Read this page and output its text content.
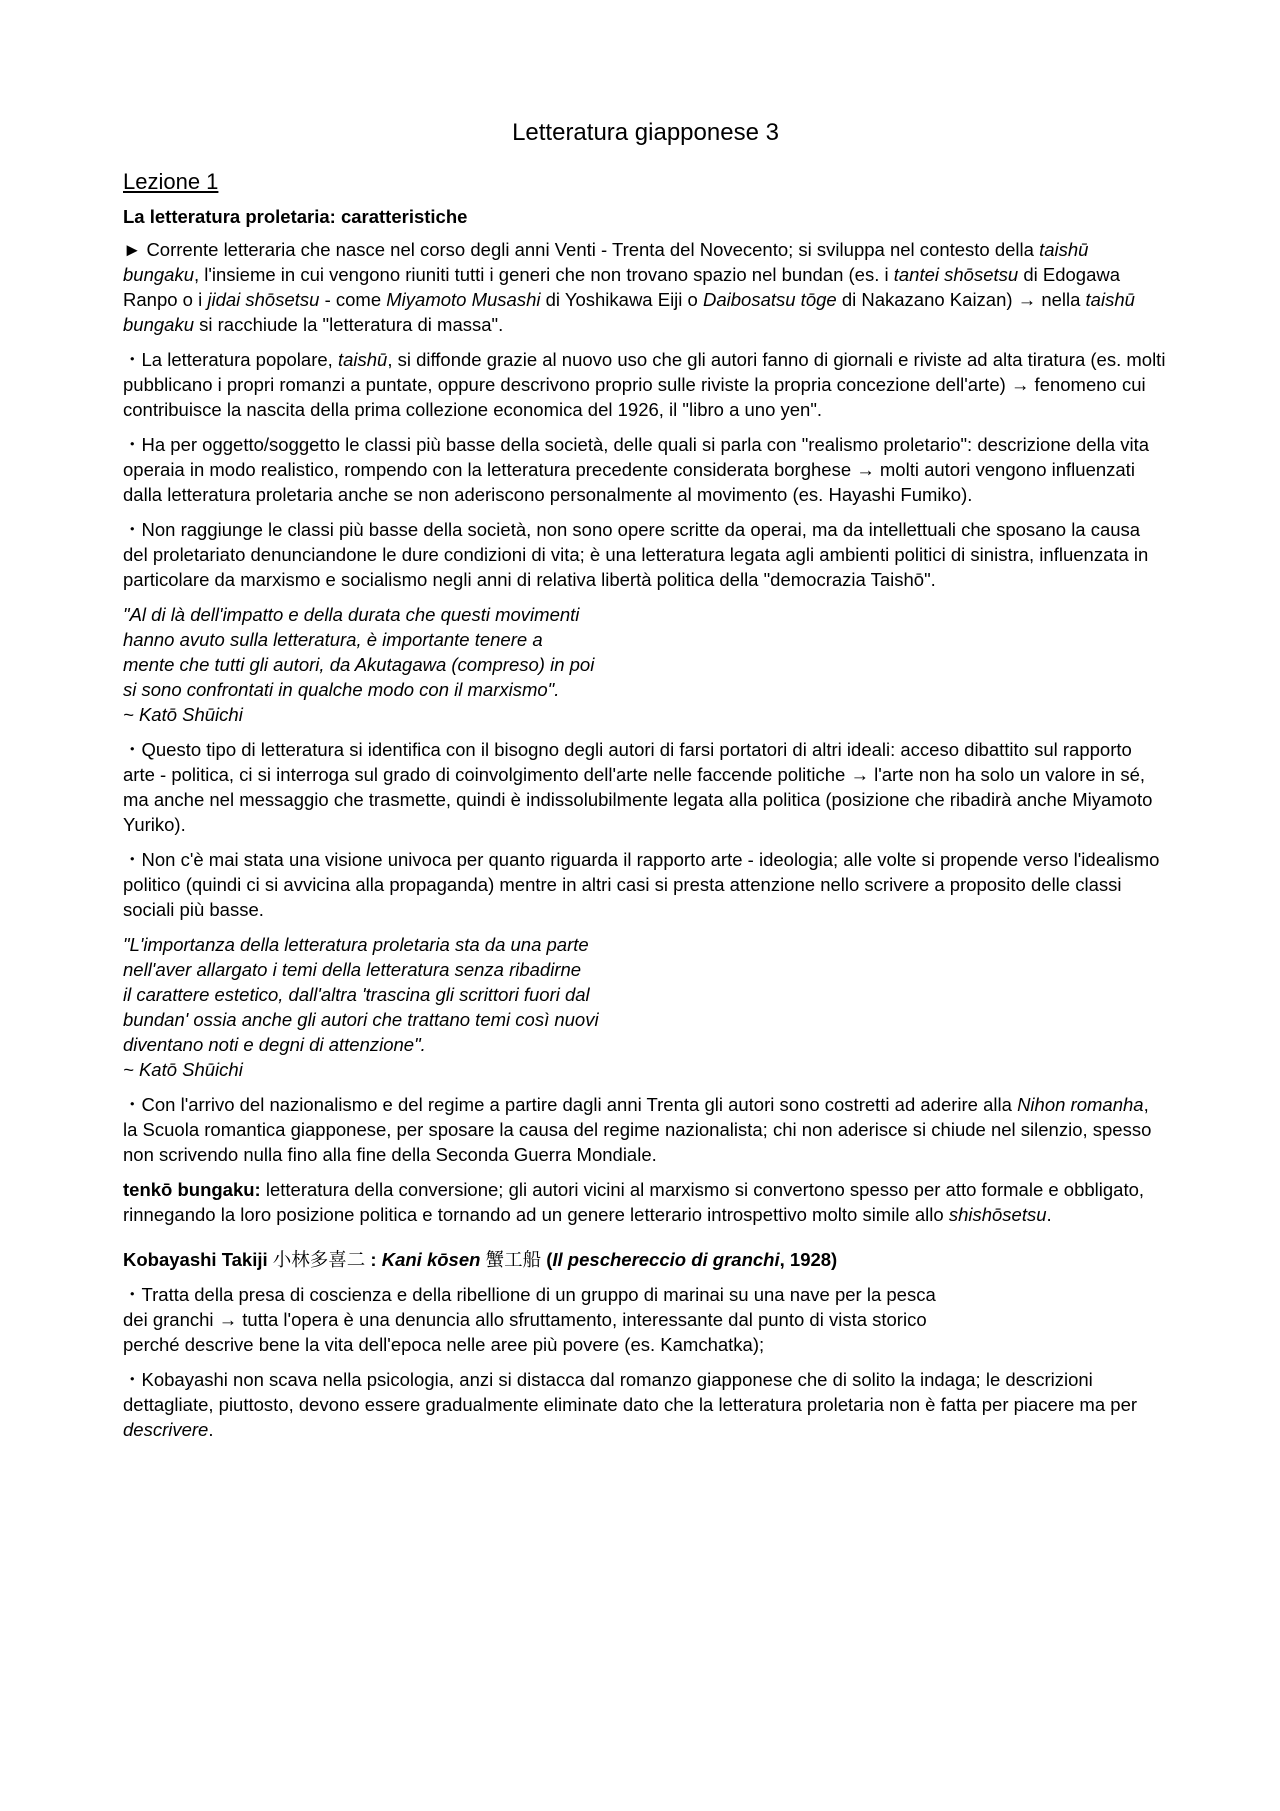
Letteratura giapponese 3
Lezione 1
La letteratura proletaria: caratteristiche

► Corrente letteraria che nasce nel corso degli anni Venti - Trenta del Novecento; si sviluppa nel contesto della taishū bungaku, l'insieme in cui vengono riuniti tutti i generi che non trovano spazio nel bundan (es. i tantei shōsetsu di Edogawa Ranpo o i jidai shōsetsu - come Miyamoto Musashi di Yoshikawa Eiji o Daibosatsu tōge di Nakazano Kaizan) → nella taishū bungaku si racchiude la "letteratura di massa".

・La letteratura popolare, taishū, si diffonde grazie al nuovo uso che gli autori fanno di giornali e riviste ad alta tiratura (es. molti pubblicano i propri romanzi a puntate, oppure descrivono proprio sulle riviste la propria concezione dell'arte) → fenomeno cui contribuisce la nascita della prima collezione economica del 1926, il "libro a uno yen".

・Ha per oggetto/soggetto le classi più basse della società, delle quali si parla con "realismo proletario": descrizione della vita operaia in modo realistico, rompendo con la letteratura precedente considerata borghese → molti autori vengono influenzati dalla letteratura proletaria anche se non aderiscono personalmente al movimento (es. Hayashi Fumiko).

・Non raggiunge le classi più basse della società, non sono opere scritte da operai, ma da intellettuali che sposano la causa del proletariato denunciandone le dure condizioni di vita; è una letteratura legata agli ambienti politici di sinistra, influenzata in particolare da marxismo e socialismo negli anni di relativa libertà politica della "democrazia Taishō".

"Al di là dell'impatto e della durata che questi movimenti
hanno avuto sulla letteratura, è importante tenere a
mente che tutti gli autori, da Akutagawa (compreso) in poi
si sono confrontati in qualche modo con il marxismo".
~ Katō Shūichi

・Questo tipo di letteratura si identifica con il bisogno degli autori di farsi portatori di altri ideali: acceso dibattito sul rapporto arte - politica, ci si interroga sul grado di coinvolgimento dell'arte nelle faccende politiche → l'arte non ha solo un valore in sé, ma anche nel messaggio che trasmette, quindi è indissolubilmente legata alla politica (posizione che ribadirà anche Miyamoto Yuriko).

・Non c'è mai stata una visione univoca per quanto riguarda il rapporto arte - ideologia; alle volte si propende verso l'idealismo politico (quindi ci si avvicina alla propaganda) mentre in altri casi si presta attenzione nello scrivere a proposito delle classi sociali più basse.

"L'importanza della letteratura proletaria sta da una parte
nell'aver allargato i temi della letteratura senza ribadirne
il carattere estetico, dall'altra 'trascina gli scrittori fuori dal
bundan' ossia anche gli autori che trattano temi così nuovi
diventano noti e degni di attenzione".
~ Katō Shūichi

・Con l'arrivo del nazionalismo e del regime a partire dagli anni Trenta gli autori sono costretti ad aderire alla Nihon romanha, la Scuola romantica giapponese, per sposare la causa del regime nazionalista; chi non aderisce si chiude nel silenzio, spesso non scrivendo nulla fino alla fine della Seconda Guerra Mondiale.

tenkō bungaku: letteratura della conversione; gli autori vicini al marxismo si convertono spesso per atto formale e obbligato, rinnegando la loro posizione politica e tornando ad un genere letterario introspettivo molto simile allo shishōsetsu.

Kobayashi Takiji 小林多喜二 : Kani kōsen 蟹工船 (Il peschereccio di granchi, 1928)

・Tratta della presa di coscienza e della ribellione di un gruppo di marinai su una nave per la pesca
dei granchi → tutta l'opera è una denuncia allo sfruttamento, interessante dal punto di vista storico
perché descrive bene la vita dell'epoca nelle aree più povere (es. Kamchatka);

・Kobayashi non scava nella psicologia, anzi si distacca dal romanzo giapponese che di solito la indaga; le descrizioni dettagliate, piuttosto, devono essere gradualmente eliminate dato che la letteratura proletaria non è fatta per piacere ma per descrivere.
